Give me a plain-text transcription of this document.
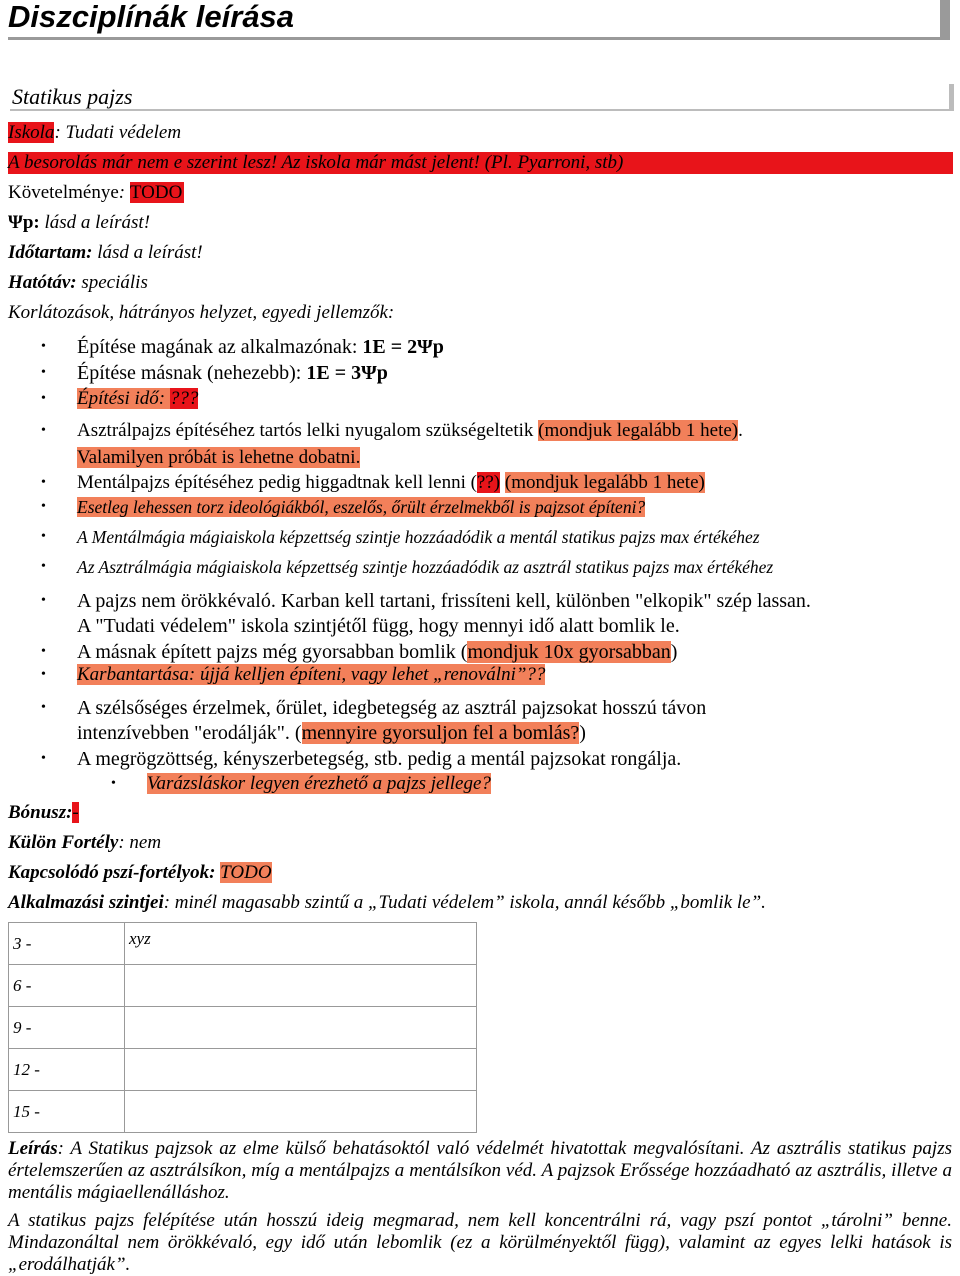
Diszciplínák leírása
Statikus pajzs
Iskola: Tudati védelem
A besorolás már nem e szerint lesz! Az iskola már mást jelent! (Pl. Pyarroni, stb)
Követelménye: TODO
Ψp: lásd a leírást!
Időtartam: lásd a leírást!
Hatótáv: speciális
Korlátozások, hátrányos helyzet, egyedi jellemzők:
• Építése magának az alkalmazónak: 1E = 2Ψp
• Építése másnak (nehezebb): 1E = 3Ψp
• Építési idő: ???
• Asztrálpajzs építéséhez tartós lelki nyugalom szükségeltetik (mondjuk legalább 1 hete).
Valamilyen próbát is lehetne dobatni.
• Mentálpajzs építéséhez pedig higgadtnak kell lenni (??) (mondjuk legalább 1 hete)
• Esetleg lehessen torz ideológiákból, eszelős, őrült érzelmekből is pajzsot építeni?
• A Mentálmágia mágiaiskola képzettség szintje hozzáadódik a mentál statikus pajzs max értékéhez
• Az Asztrálmágia mágiaiskola képzettség szintje hozzáadódik az asztrál statikus pajzs max értékéhez
• A pajzs nem örökkévaló. Karban kell tartani, frissíteni kell, különben "elkopik" szép lassan.
A "Tudati védelem" iskola szintjétől függ, hogy mennyi idő alatt bomlik le.
• A másnak épített pajzs még gyorsabban bomlik (mondjuk 10x gyorsabban)
• Karbantartása: újjá kelljen építeni, vagy lehet „renoválni”??
• A szélsőséges érzelmek, őrület, idegbetegség az asztrál pajzsokat hosszú távon
intenzívebben "erodálják". (mennyire gyorsuljon fel a bomlás?)
• A megrögzöttség, kényszerbetegség, stb. pedig a mentál pajzsokat rongálja.
• Varázsláskor legyen érezhető a pajzs jellege?
Bónusz:-
Külön Fortély: nem
Kapcsolódó pszí-fortélyok: TODO
Alkalmazási szintjei: minél magasabb szintű a „Tudati védelem” iskola, annál később „bomlik le”.
3 -	xyz
6 -	
9 -	
12 -	
15 -	
Leírás: A Statikus pajzsok az elme külső behatásoktól való védelmét hivatottak megvalósítani. Az asztrális statikus pajzs értelemszerűen az asztrálsíkon, míg a mentálpajzs a mentálsíkon véd. A pajzsok Erőssége hozzáadható az asztrális, illetve a mentális mágiaellenálláshoz.
A statikus pajzs felépítése után hosszú ideig megmarad, nem kell koncentrálni rá, vagy pszí pontot „tárolni” benne. Mindazonáltal nem örökkévaló, egy idő után lebomlik (ez a körülményektől függ), valamint az egyes lelki hatások is „erodálhatják”.
